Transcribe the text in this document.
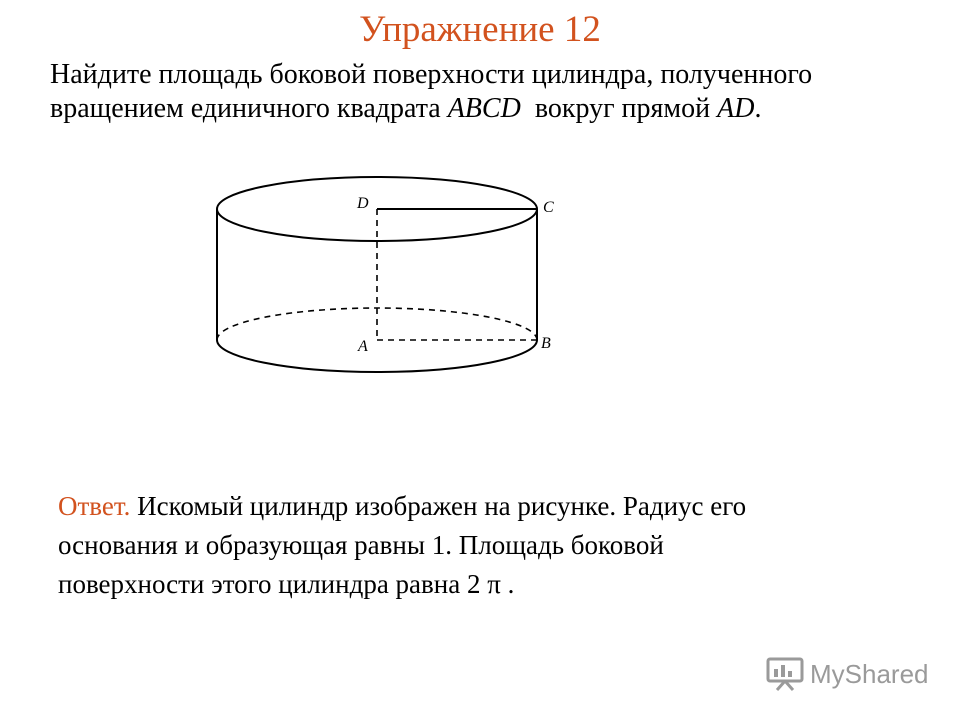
Упражнение 12

Найдите площадь боковой поверхности цилиндра, полученного

вращением единичного квадрата ABCD  вокруг прямой AD.

D	C
A	B

Ответ. Искомый цилиндр изображен на рисунке. Радиус его

основания и образующая равны 1. Площадь боковой

поверхности этого цилиндра равна 2 π .

MyShared
